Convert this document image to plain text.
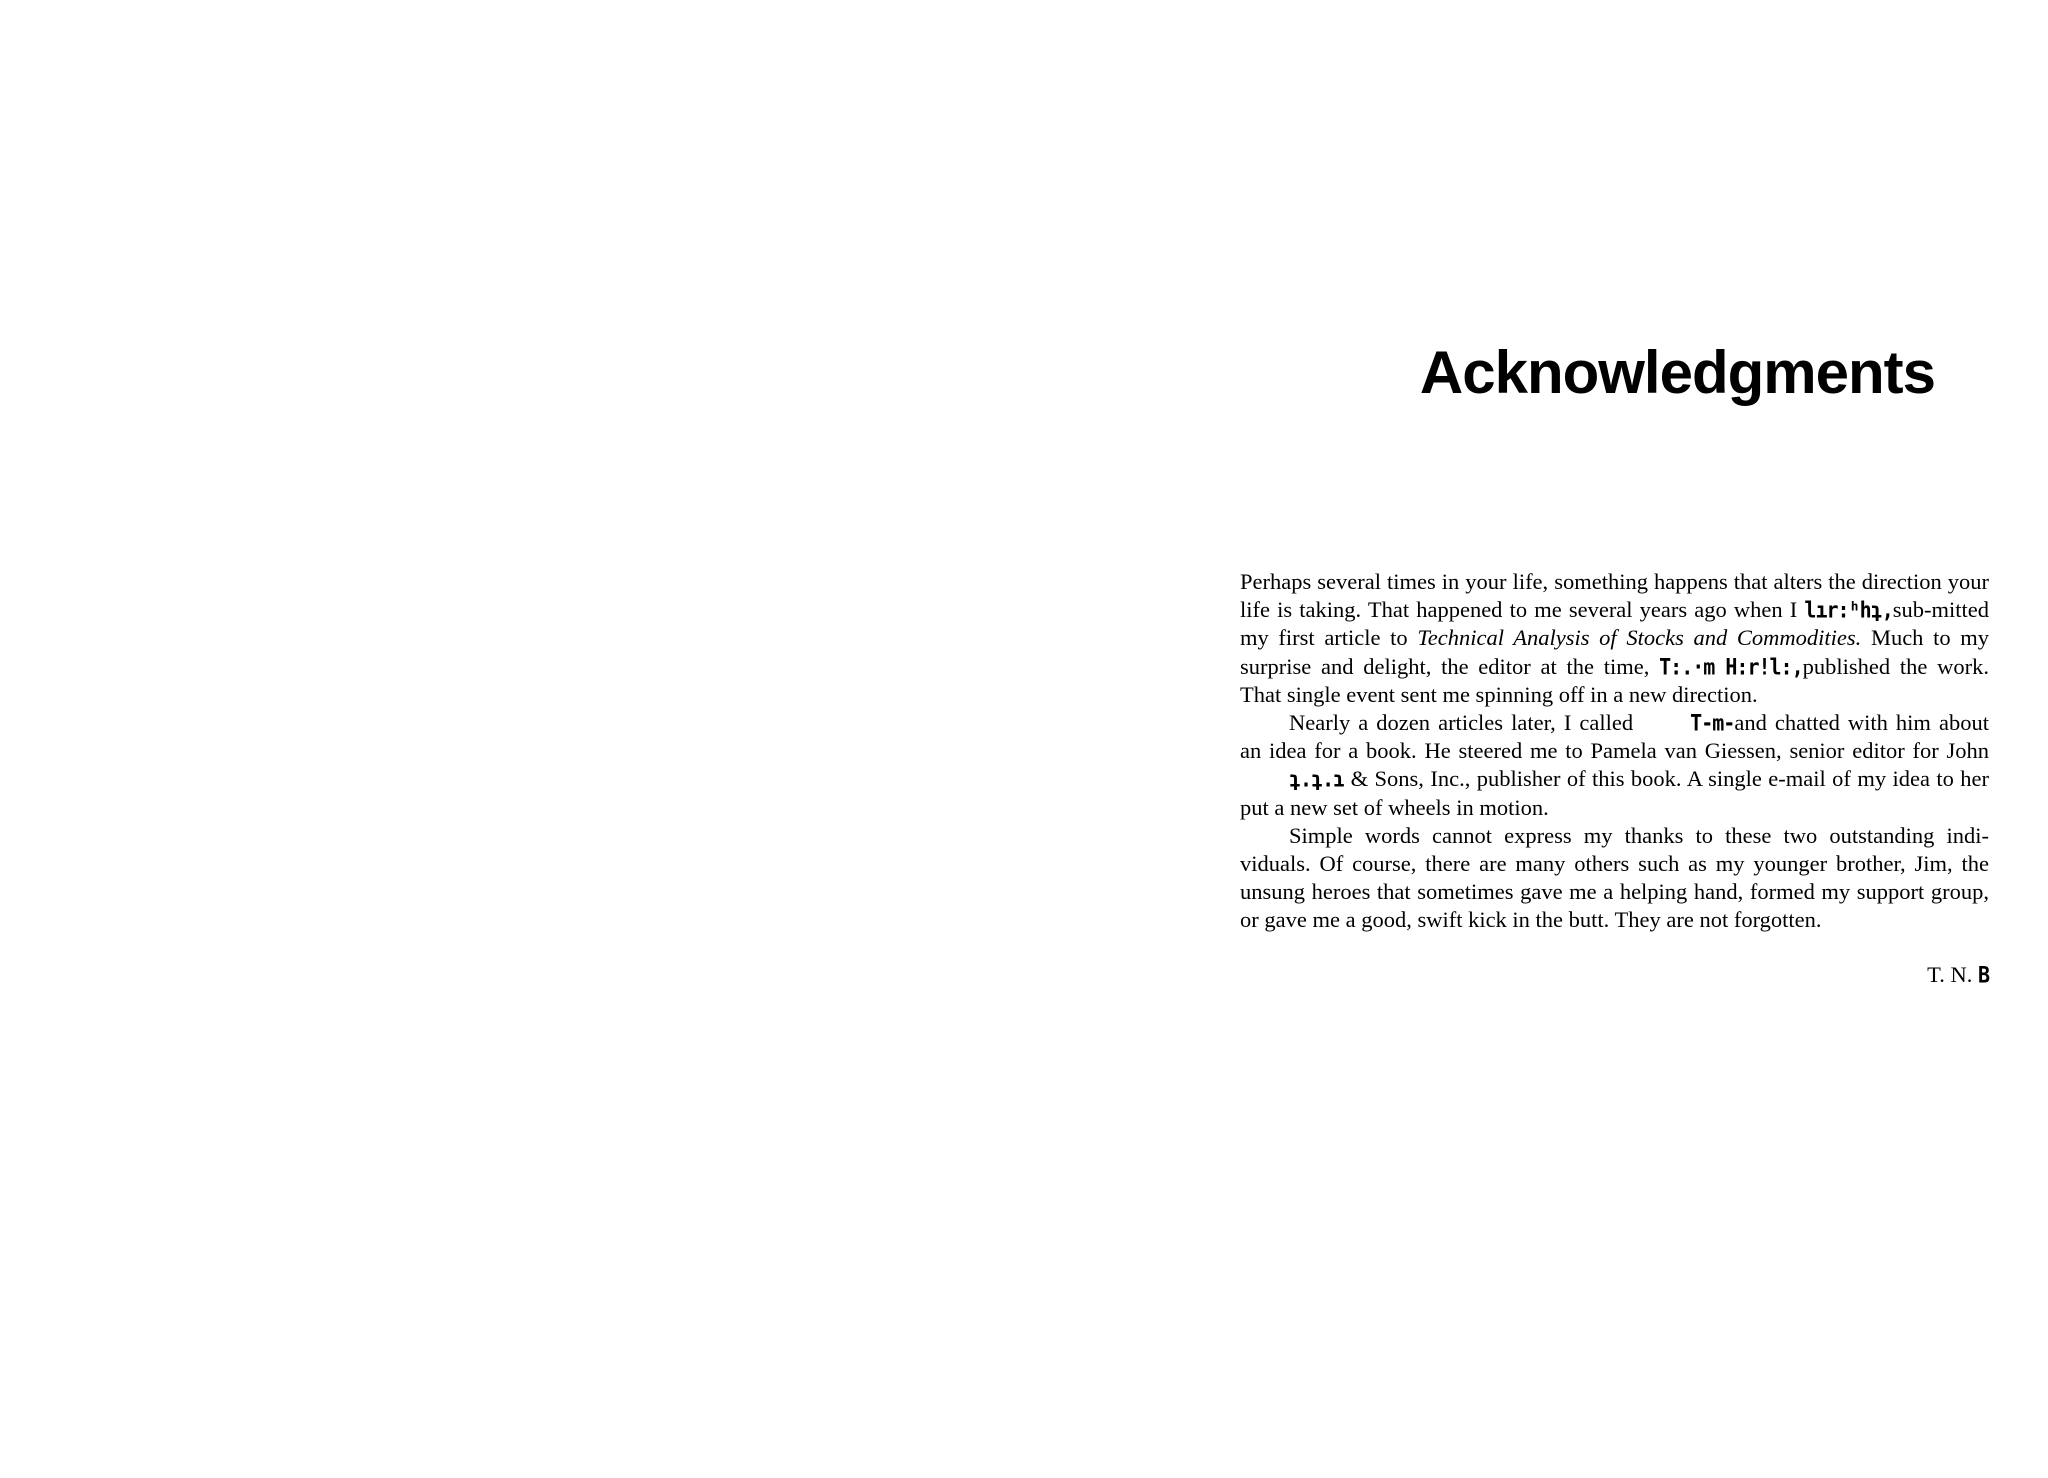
Acknowledgments

Perhaps several times in your life, something happens that alters the direction your life is taking. That happened to me several years ago when I lır:ʰhʇ,sub-mitted my first article to Technical Analysis of Stocks and Commodities. Much to my surprise and delight, the editor at the time, T:.·m H:r!l:,published the work. That single event sent me spinning off in a new direction.

Nearly a dozen articles later, I called T-m-and chatted with him about an idea for a book. He steered me to Pamela van Giessen, senior editor for John ʇ.ʇ.ɿ & Sons, Inc., publisher of this book. A single e-mail of my idea to her put a new set of wheels in motion.

Simple words cannot express my thanks to these two outstanding indi-viduals. Of course, there are many others such as my younger brother, Jim, the unsung heroes that sometimes gave me a helping hand, formed my support group, or gave me a good, swift kick in the butt. They are not forgotten.

T. N. B
